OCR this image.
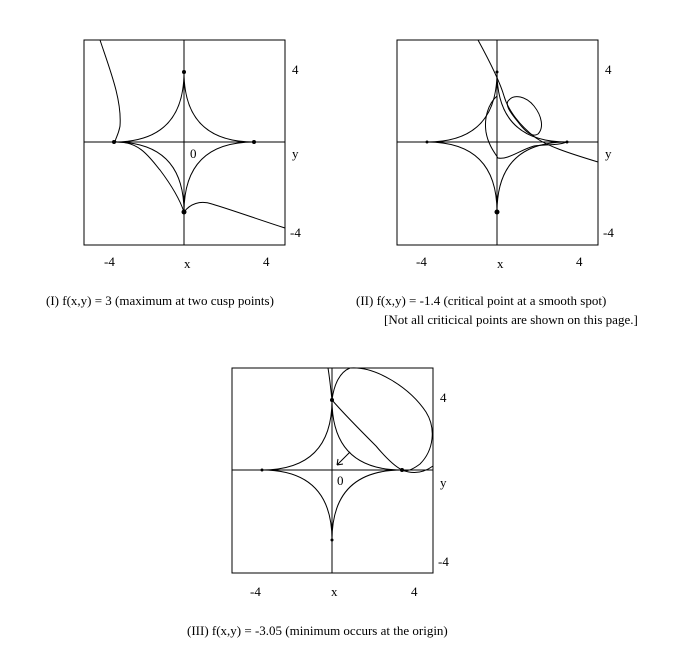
0
4
y
-4
-4	x	4
4
y
-4
-4	x	4
0
4
y
-4
-4	x	4
(I) f(x,y) = 3 (maximum at two cusp points)	(II) f(x,y) = -1.4 (critical point at a smooth spot)
[Not all criticical points are shown on this page.]
(III) f(x,y) = -3.05 (minimum occurs at the origin)
